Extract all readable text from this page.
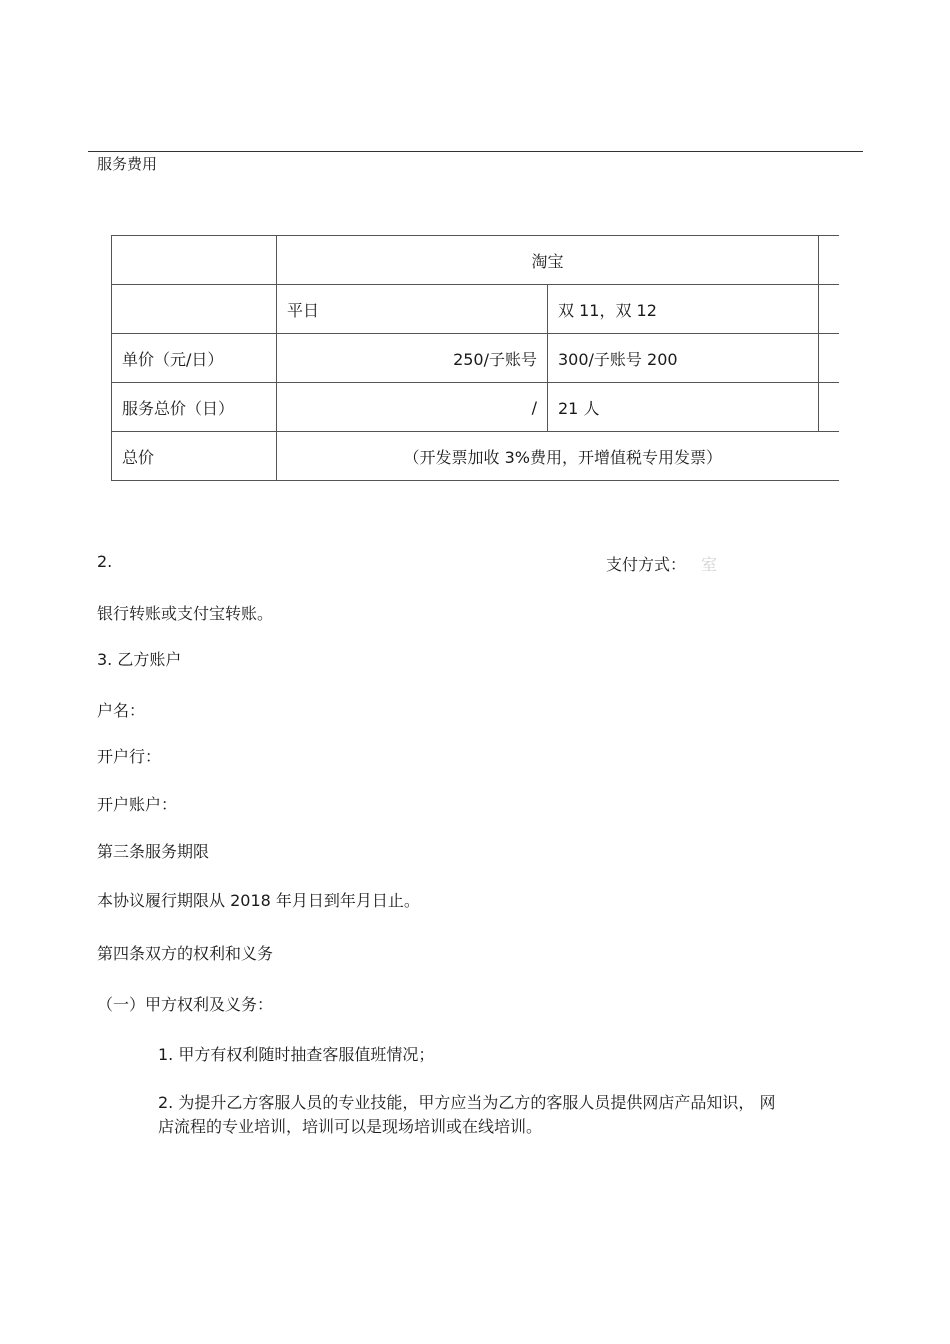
服务费用
	淘宝		
	平日	双 11，双 12	
单价（元/日）	250/子账号	300/子账号 200	
服务总价（日）	/	21 人	
总价	（开发票加收 3%费用，开增值税专用发票）		
2.	支付方式： 室
银行转账或支付宝转账。
3. 乙方账户
户名：
开户行：
开户账户：
第三条服务期限
本协议履行期限从 2018 年月日到年月日止。
第四条双方的权利和义务
（一）甲方权利及义务：
1. 甲方有权利随时抽查客服值班情况；
2. 为提升乙方客服人员的专业技能，甲方应当为乙方的客服人员提供网店产品知识， 网
店流程的专业培训，培训可以是现场培训或在线培训。
